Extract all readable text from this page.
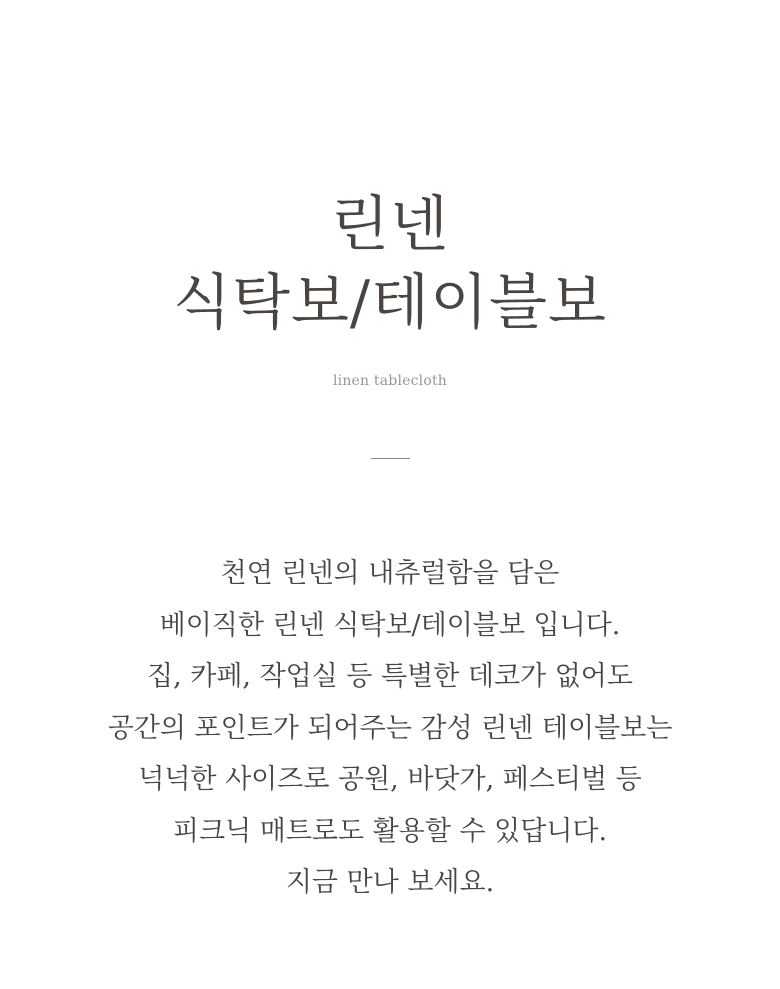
린넨
식탁보/테이블보
linen tablecloth
천연 린넨의 내츄럴함을 담은
베이직한 린넨 식탁보/테이블보 입니다.
집, 카페, 작업실 등 특별한 데코가 없어도
공간의 포인트가 되어주는 감성 린넨 테이블보는
넉넉한 사이즈로 공원, 바닷가, 페스티벌 등
피크닉 매트로도 활용할 수 있답니다.
지금 만나 보세요.
